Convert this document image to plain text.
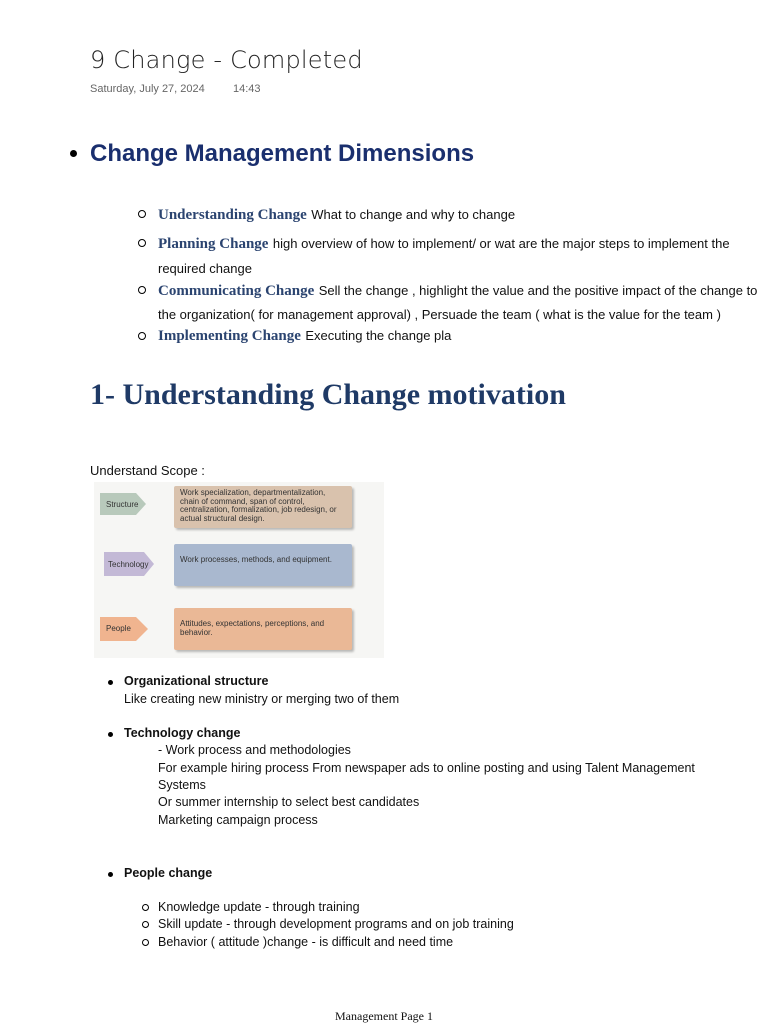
9 Change - Completed
Saturday, July 27, 2024	14:43
Change Management Dimensions
Understanding Change What to change and why to change
Planning Change high overview of how to implement/ or wat are the major steps to implement the
required change
Communicating Change Sell the change , highlight the value and the positive impact of the change to
the organization( for management approval) , Persuade the team ( what is the value for the team )
Implementing Change Executing the change pla
1- Understanding Change motivation
Understand Scope :
Structure
Work specialization, departmentalization, chain of command, span of control, centralization, formalization, job redesign, or actual structural design.
Technology
Work processes, methods, and equipment.
People
Attitudes, expectations, perceptions, and behavior.
Organizational structure
Like creating new ministry or merging two of them
Technology change
- Work process and methodologies
For example hiring process From newspaper ads to online posting and using Talent Management
Systems
Or summer internship to select best candidates
Marketing campaign process
People change
Knowledge update - through training
Skill update - through development programs and on job training
Behavior ( attitude )change - is difficult and need time
Management Page 1
